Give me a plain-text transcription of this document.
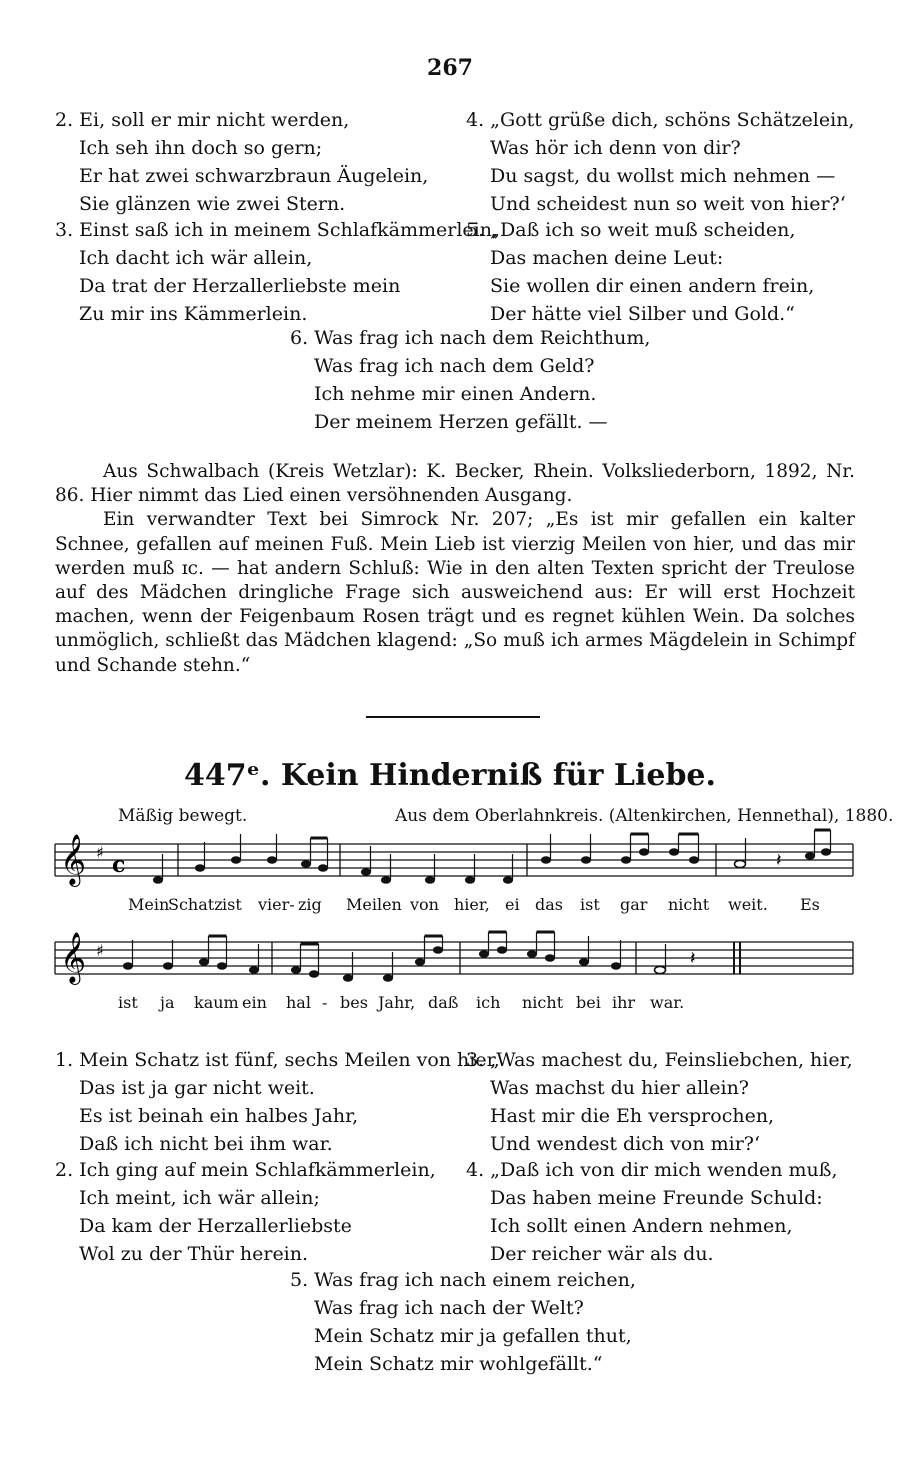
267
2. Ei, soll er mir nicht werden,
Ich seh ihn doch so gern;
Er hat zwei schwarzbraun Äugelein,
Sie glänzen wie zwei Stern.
3. Einst saß ich in meinem Schlafkämmerlein,
Ich dacht ich wär allein,
Da trat der Herzallerliebste mein
Zu mir ins Kämmerlein.
4. „Gott grüße dich, schöns Schätzelein,
Was hör ich denn von dir?
Du sagst, du wollst mich nehmen —
Und scheidest nun so weit von hier?‘
5. „Daß ich so weit muß scheiden,
Das machen deine Leut:
Sie wollen dir einen andern frein,
Der hätte viel Silber und Gold.“
6. Was frag ich nach dem Reichthum,
Was frag ich nach dem Geld?
Ich nehme mir einen Andern.
Der meinem Herzen gefällt. —

Aus Schwalbach (Kreis Wetzlar): K. Becker, Rhein. Volksliederborn, 1892, Nr. 86. Hier nimmt das Lied einen versöhnenden Ausgang.

Ein verwandter Text bei Simrock Nr. 207; „Es ist mir gefallen ein kalter Schnee, gefallen auf meinen Fuß. Mein Lieb ist vierzig Meilen von hier, und das mir werden muß ɪc. — hat andern Schluß: Wie in den alten Texten spricht der Treulose auf des Mädchen dringliche Frage sich ausweichend aus: Er will erst Hochzeit machen, wenn der Feigenbaum Rosen trägt und es regnet kühlen Wein. Da solches unmöglich, schließt das Mädchen klagend: „So muß ich armes Mägdelein in Schimpf und Schande stehn.“

447ᵉ. Kein Hinderniß für Liebe.
Mäßig bewegt.	Aus dem Oberlahnkreis. (Altenkirchen, Hennethal), 1880.
𝄞 ♯ c	𝄽
Mein
Schatz ist vier- zig Meilen von hier, ei das ist gar nicht weit. Es
𝄞 ♯	𝄽
ist ja kaum ein hal - bes Jahr, daß ich nicht bei ihr war.
1. Mein Schatz ist fünf, sechs Meilen von hier,
Das ist ja gar nicht weit.
Es ist beinah ein halbes Jahr,
Daß ich nicht bei ihm war.
2. Ich ging auf mein Schlafkämmerlein,
Ich meint, ich wär allein;
Da kam der Herzallerliebste
Wol zu der Thür herein.
3. ‚Was machest du, Feinsliebchen, hier,
Was machst du hier allein?
Hast mir die Eh versprochen,
Und wendest dich von mir?‘
4. „Daß ich von dir mich wenden muß,
Das haben meine Freunde Schuld:
Ich sollt einen Andern nehmen,
Der reicher wär als du.
5. Was frag ich nach einem reichen,
Was frag ich nach der Welt?
Mein Schatz mir ja gefallen thut,
Mein Schatz mir wohlgefällt.“
